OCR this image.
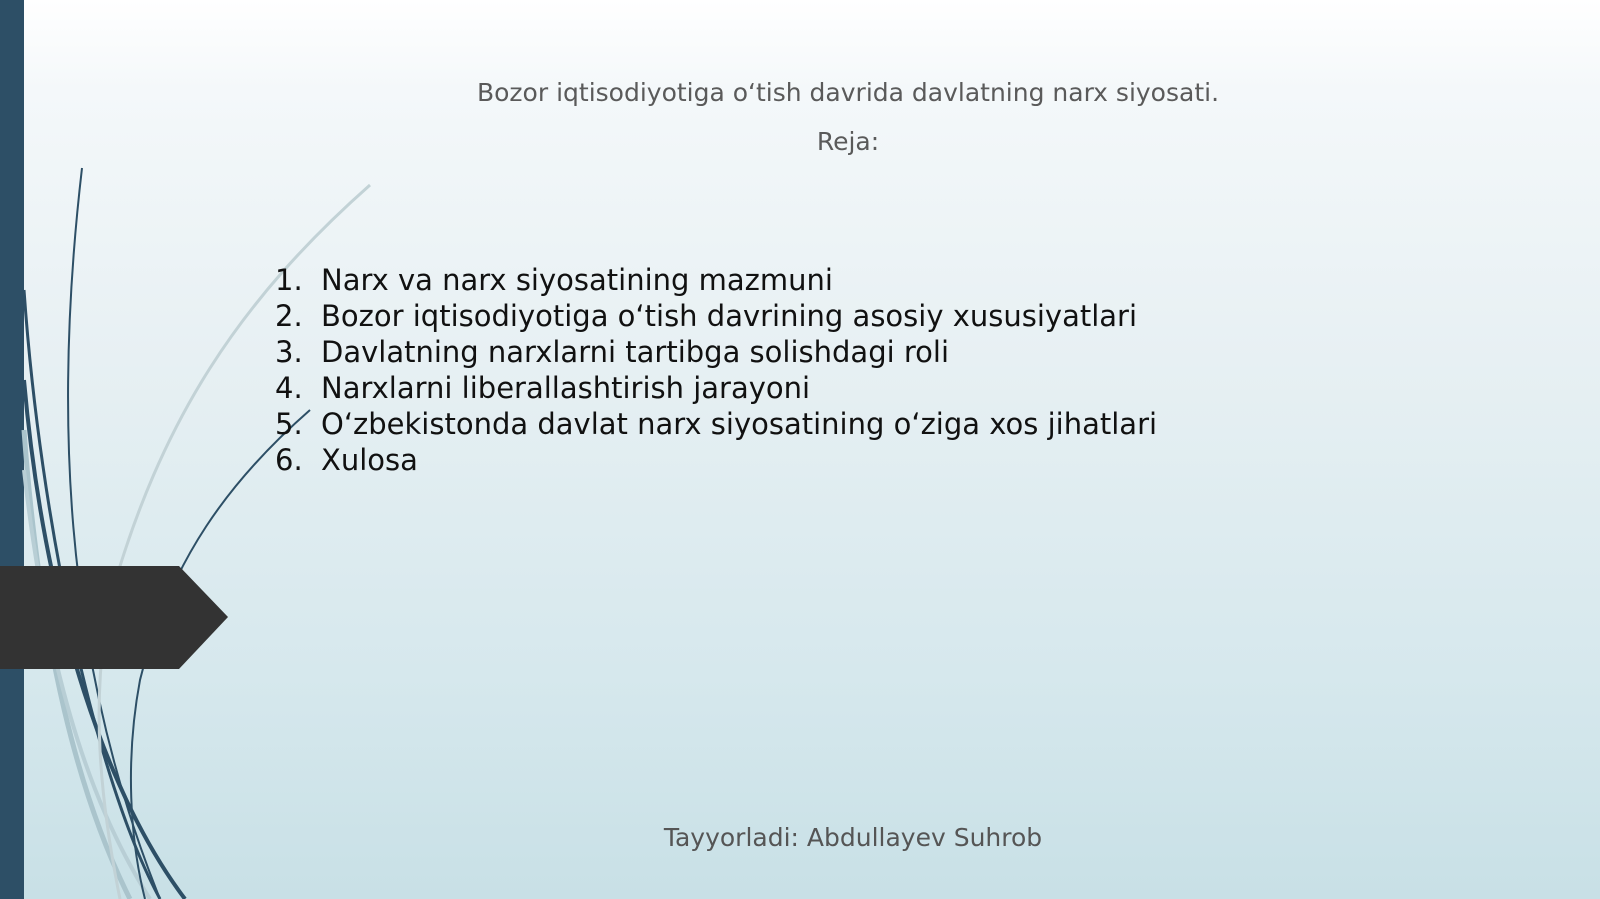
Bozor iqtisodiyotiga o‘tish davrida davlatning narx siyosati.
Reja:
1. Narx va narx siyosatining mazmuni
2. Bozor iqtisodiyotiga o‘tish davrining asosiy xususiyatlari
3. Davlatning narxlarni tartibga solishdagi roli
4. Narxlarni liberallashtirish jarayoni
5. O‘zbekistonda davlat narx siyosatining o‘ziga xos jihatlari
6. Xulosa
Tayyorladi: Abdullayev Suhrob
